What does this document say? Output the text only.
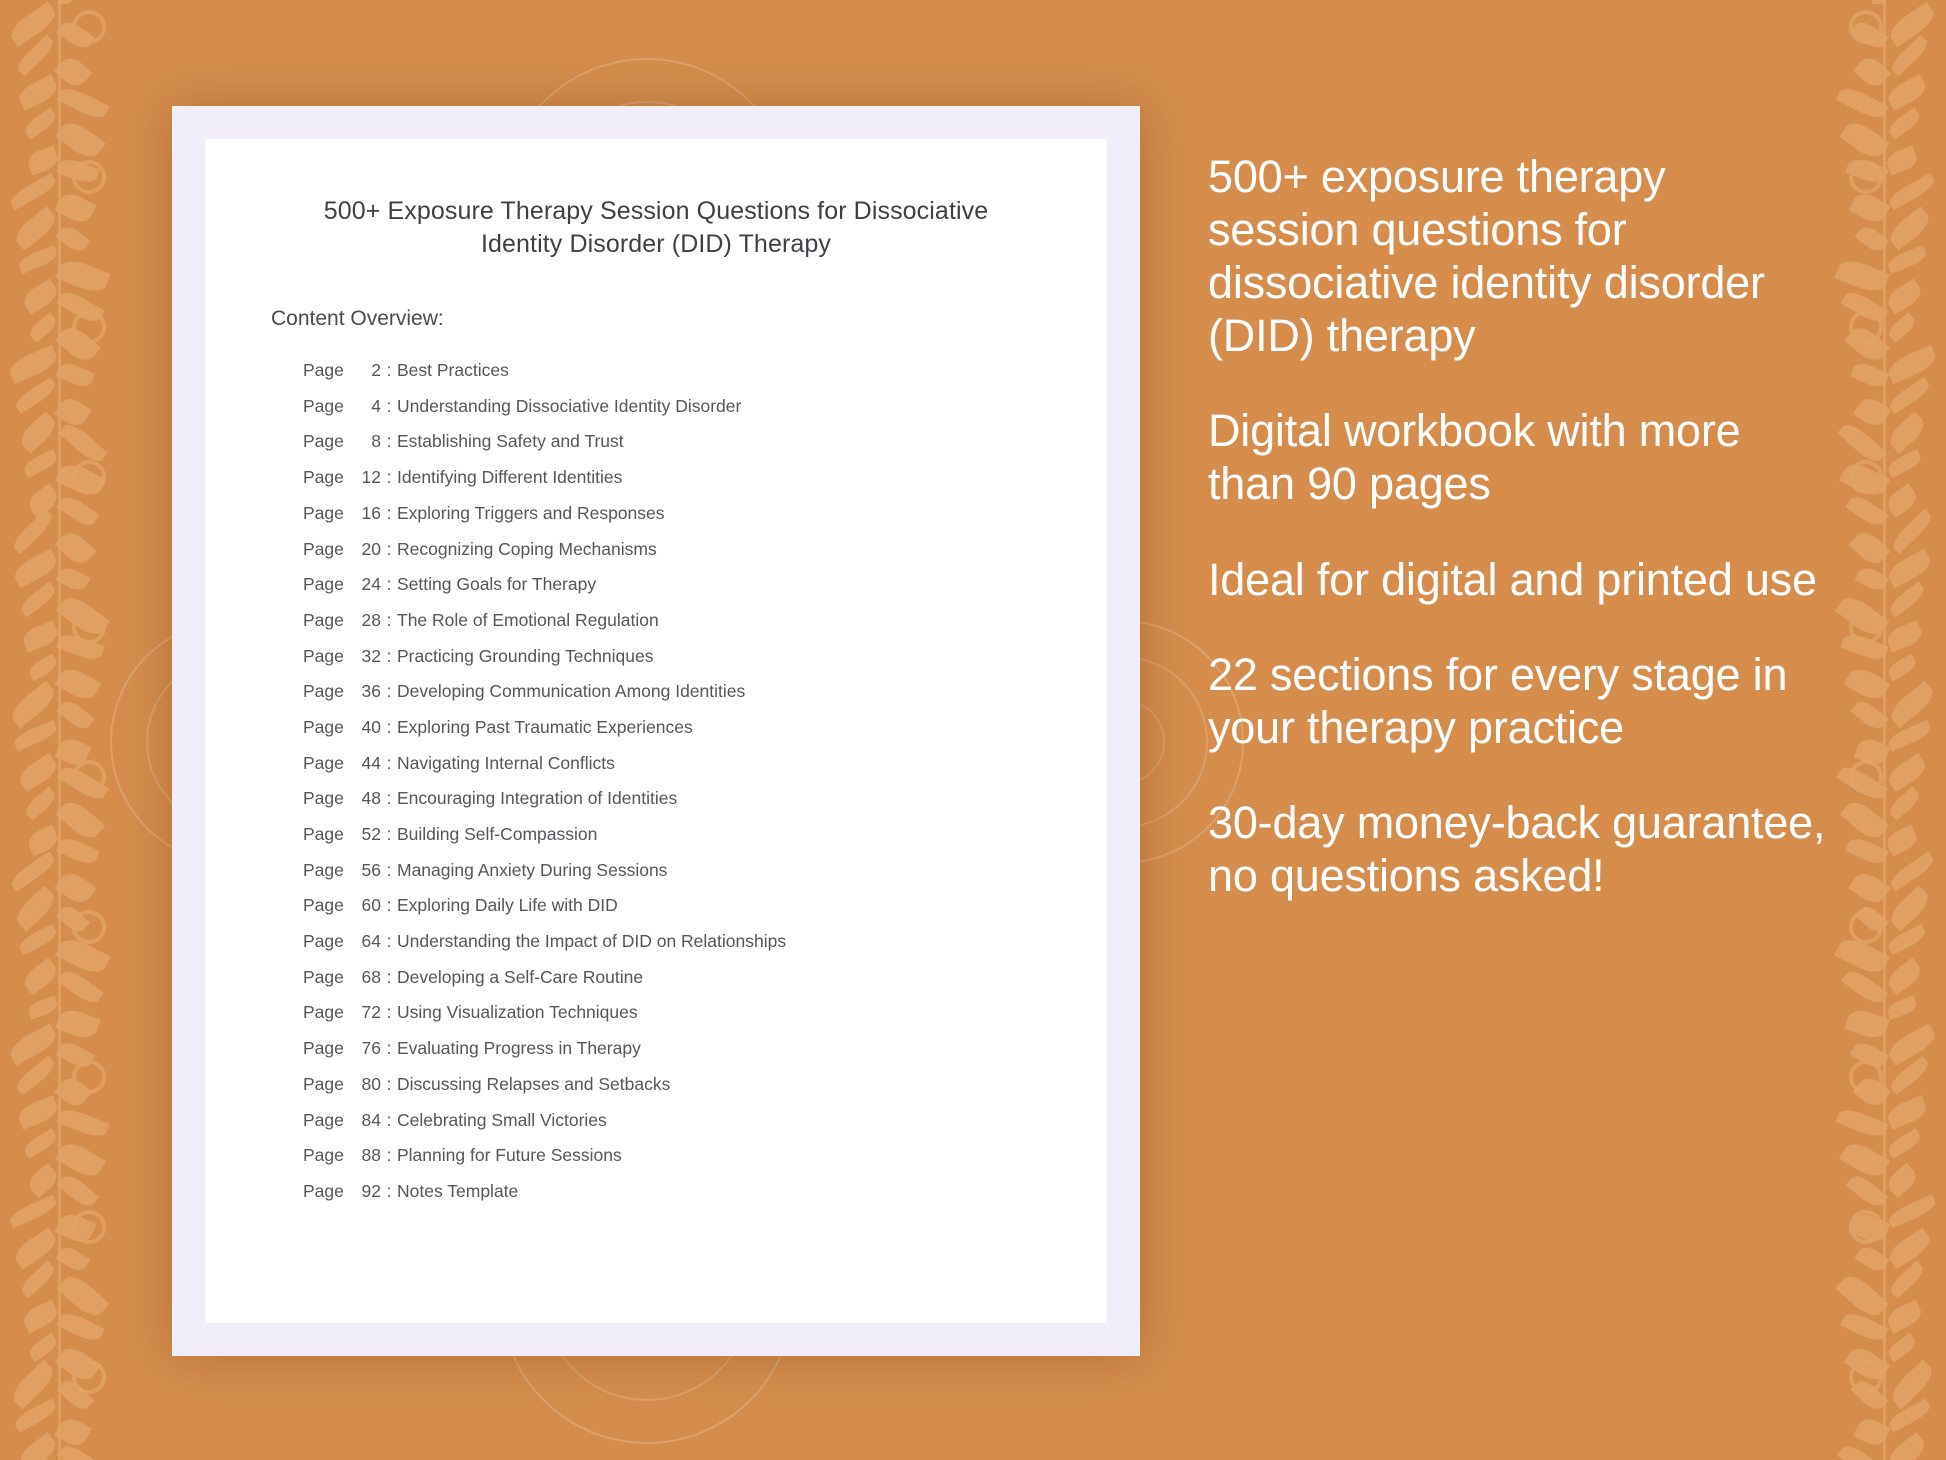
500+ Exposure Therapy Session Questions for Dissociative Identity Disorder (DID) Therapy
Content Overview:
Page	2 : Best Practices
Page	4 : Understanding Dissociative Identity Disorder
Page	8 : Establishing Safety and Trust
Page	12 : Identifying Different Identities
Page	16 : Exploring Triggers and Responses
Page	20 : Recognizing Coping Mechanisms
Page	24 : Setting Goals for Therapy
Page	28 : The Role of Emotional Regulation
Page	32 : Practicing Grounding Techniques
Page	36 : Developing Communication Among Identities
Page	40 : Exploring Past Traumatic Experiences
Page	44 : Navigating Internal Conflicts
Page	48 : Encouraging Integration of Identities
Page	52 : Building Self-Compassion
Page	56 : Managing Anxiety During Sessions
Page	60 : Exploring Daily Life with DID
Page	64 : Understanding the Impact of DID on Relationships
Page	68 : Developing a Self-Care Routine
Page	72 : Using Visualization Techniques
Page	76 : Evaluating Progress in Therapy
Page	80 : Discussing Relapses and Setbacks
Page	84 : Celebrating Small Victories
Page	88 : Planning for Future Sessions
Page	92 : Notes Template
500+ exposure therapy session questions for dissociative identity disorder (DID) therapy
Digital workbook with more than 90 pages
Ideal for digital and printed use
22 sections for every stage in your therapy practice
30-day money-back guarantee, no questions asked!
